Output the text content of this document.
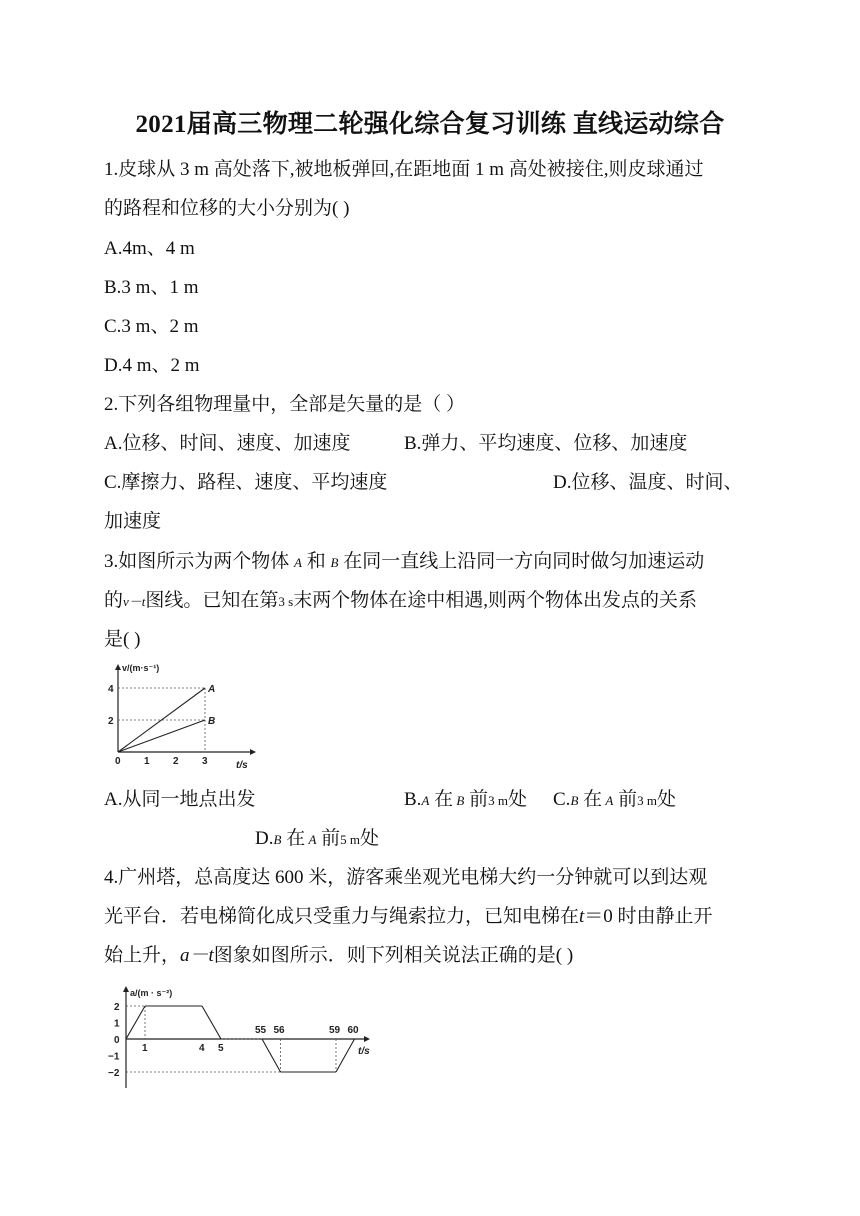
2021届高三物理二轮强化综合复习训练 直线运动综合
1.皮球从 3 m 高处落下,被地板弹回,在距地面 1 m 高处被接住,则皮球通过
的路程和位移的大小分别为( )
A.4m、4 m
B.3 m、1 m
C.3 m、2 m
D.4 m、2 m
2.下列各组物理量中，全部是矢量的是（ ）
A.位移、时间、速度、加速度	B.弹力、平均速度、位移、加速度
C.摩擦力、路程、速度、平均速度	D.位移、温度、时间、
加速度
3.如图所示为两个物体 A 和 B 在同一直线上沿同一方向同时做匀加速运动
的v－t图线。已知在第3 s末两个物体在途中相遇,则两个物体出发点的关系
是( )
A
B
0 1 2 3
2
4
v/(m·s⁻¹)
t/s
A.从同一地点出发	B.A 在 B 前3 m处 C.B 在 A 前3 m处
D.B 在 A 前5 m处
4.广州塔，总高度达 600 米，游客乘坐观光电梯大约一分钟就可以到达观
光平台．若电梯简化成只受重力与绳索拉力，已知电梯在t＝0 时由静止开
始上升，a－t图象如图所示．则下列相关说法正确的是( )
1	4 5
55 56	59 60
2
1
0
−1
−2
a/(m · s⁻²)
t/s
